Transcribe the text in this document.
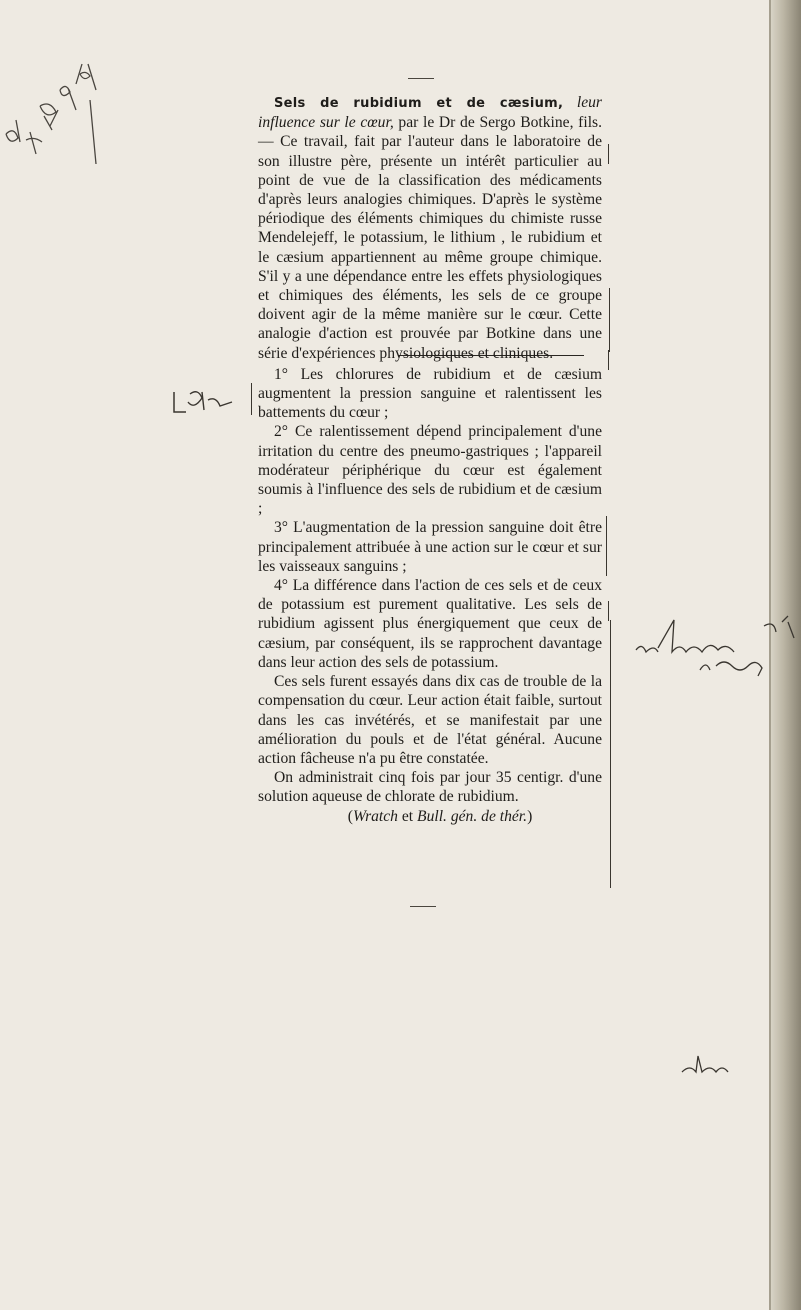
Sels de rubidium et de cæsium, leur influence sur le cœur, par le Dr de Sergo Botkine, fils. — Ce travail, fait par l'auteur dans le laboratoire de son illustre père, présente un intérêt particulier au point de vue de la classification des médicaments d'après leurs analogies chimiques. D'après le système périodique des éléments chimiques du chimiste russe Mendelejeff, le potassium, le lithium , le rubidium et le cæsium appartiennent au même groupe chimique. S'il y a une dépendance entre les effets physiologiques et chimiques des éléments, les sels de ce groupe doivent agir de la même manière sur le cœur. Cette analogie d'action est prouvée par Botkine dans une série d'expériences physiologiques et cliniques.

1° Les chlorures de rubidium et de cæsium augmentent la pression sanguine et ralentissent les battements du cœur ;

2° Ce ralentissement dépend principalement d'une irritation du centre des pneumo-gastriques ; l'appareil modérateur périphérique du cœur est également soumis à l'influence des sels de rubidium et de cæsium ;

3° L'augmentation de la pression sanguine doit être principalement attribuée à une action sur le cœur et sur les vaisseaux sanguins ;

4° La différence dans l'action de ces sels et de ceux de potassium est purement qualitative. Les sels de rubidium agissent plus énergiquement que ceux de cæsium, par conséquent, ils se rapprochent davantage dans leur action des sels de potassium.

Ces sels furent essayés dans dix cas de trouble de la compensation du cœur. Leur action était faible, surtout dans les cas invétérés, et se manifestait par une amélioration du pouls et de l'état général. Aucune action fâcheuse n'a pu être constatée.

On administrait cinq fois par jour 35 centigr. d'une solution aqueuse de chlorate de rubidium.

(Wratch et Bull. gén. de thér.)
